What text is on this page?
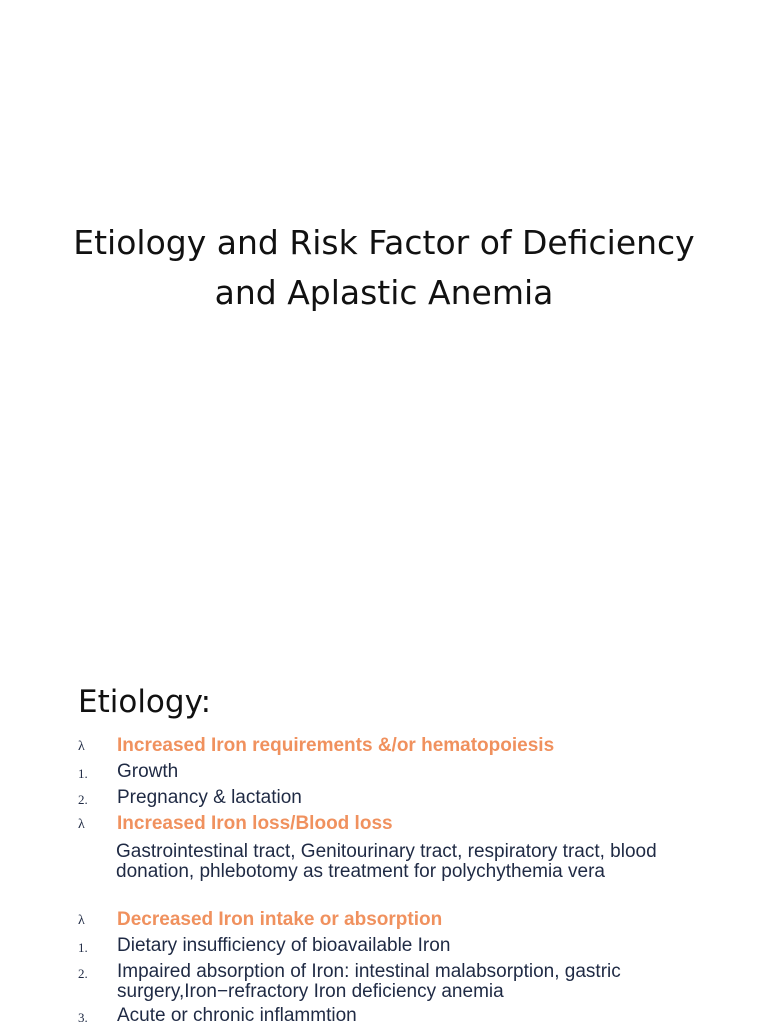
Etiology and Risk Factor of Deficiency
and Aplastic Anemia
Etiology:
λ Increased Iron requirements &/or hematopoiesis
1. Growth
2. Pregnancy & lactation
λ Increased Iron loss/Blood loss
Gastrointestinal tract, Genitourinary tract, respiratory tract, blood donation, phlebotomy as treatment for polychythemia vera
λ Decreased Iron intake or absorption
1. Dietary insufficiency of bioavailable Iron
2. Impaired absorption of Iron: intestinal malabsorption, gastric surgery,Iron−refractory Iron deficiency anemia
3. Acute or chronic inflammtion
